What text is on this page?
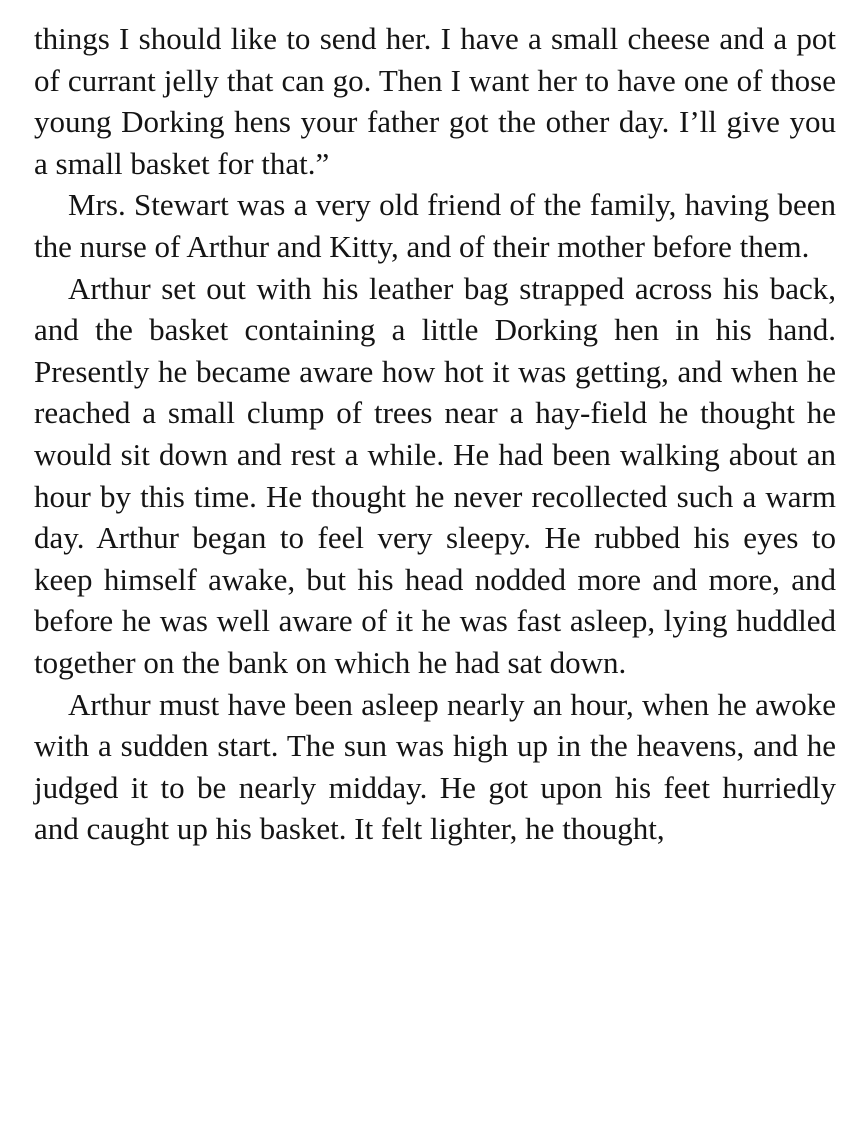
things I should like to send her. I have a small cheese and a pot of currant jelly that can go. Then I want her to have one of those young Dorking hens your father got the other day. I’ll give you a small basket for that.”

Mrs. Stewart was a very old friend of the family, having been the nurse of Arthur and Kitty, and of their mother before them.

Arthur set out with his leather bag strapped across his back, and the basket containing a little Dorking hen in his hand. Presently he became aware how hot it was getting, and when he reached a small clump of trees near a hay-field he thought he would sit down and rest a while. He had been walking about an hour by this time. He thought he never recollected such a warm day. Arthur began to feel very sleepy. He rubbed his eyes to keep himself awake, but his head nodded more and more, and before he was well aware of it he was fast asleep, lying huddled together on the bank on which he had sat down.

Arthur must have been asleep nearly an hour, when he awoke with a sudden start. The sun was high up in the heavens, and he judged it to be nearly midday. He got upon his feet hurriedly and caught up his basket. It felt lighter, he thought,
